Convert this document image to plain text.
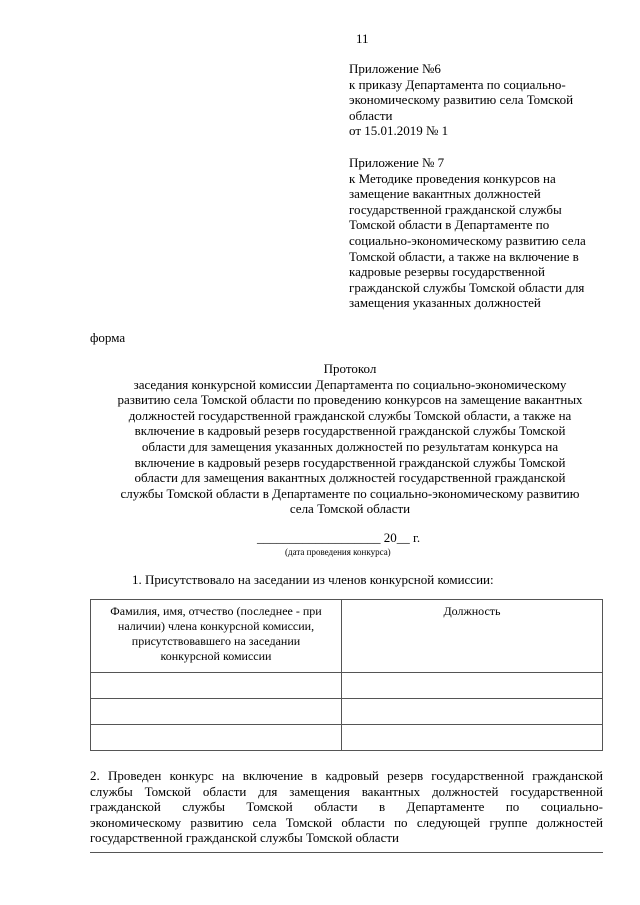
11
Приложение №6
к приказу Департамента по социально-
экономическому развитию села Томской
области
от 15.01.2019 № 1
Приложение № 7
к Методике проведения конкурсов на
замещение вакантных должностей
государственной гражданской службы
Томской области в Департаменте по
социально-экономическому развитию села
Томской области, а также на включение в
кадровые резервы государственной
гражданской службы Томской области для
замещения указанных должностей
форма
Протокол
заседания конкурсной комиссии Департамента по социально-экономическому
развитию села Томской области по проведению конкурсов на замещение вакантных
должностей государственной гражданской службы Томской области, а также на
включение в кадровый резерв государственной гражданской службы Томской
области для замещения указанных должностей по результатам конкурса на
включение в кадровый резерв государственной гражданской службы Томской
области для замещения вакантных должностей государственной гражданской
службы Томской области в Департаменте по социально-экономическому развитию
села Томской области
___________________ 20__ г.
(дата проведения конкурса)
1. Присутствовало на заседании из членов конкурсной комиссии:
Фамилия, имя, отчество (последнее - при
наличии) члена конкурсной комиссии,
присутствовавшего на заседании
конкурсной комиссии	Должность

2. Проведен конкурс на включение в кадровый резерв государственной гражданской
службы Томской области для замещения вакантных должностей государственной
гражданской службы Томской области в Департаменте по социально-
экономическому развитию села Томской области по следующей группе должностей
государственной гражданской службы Томской области
